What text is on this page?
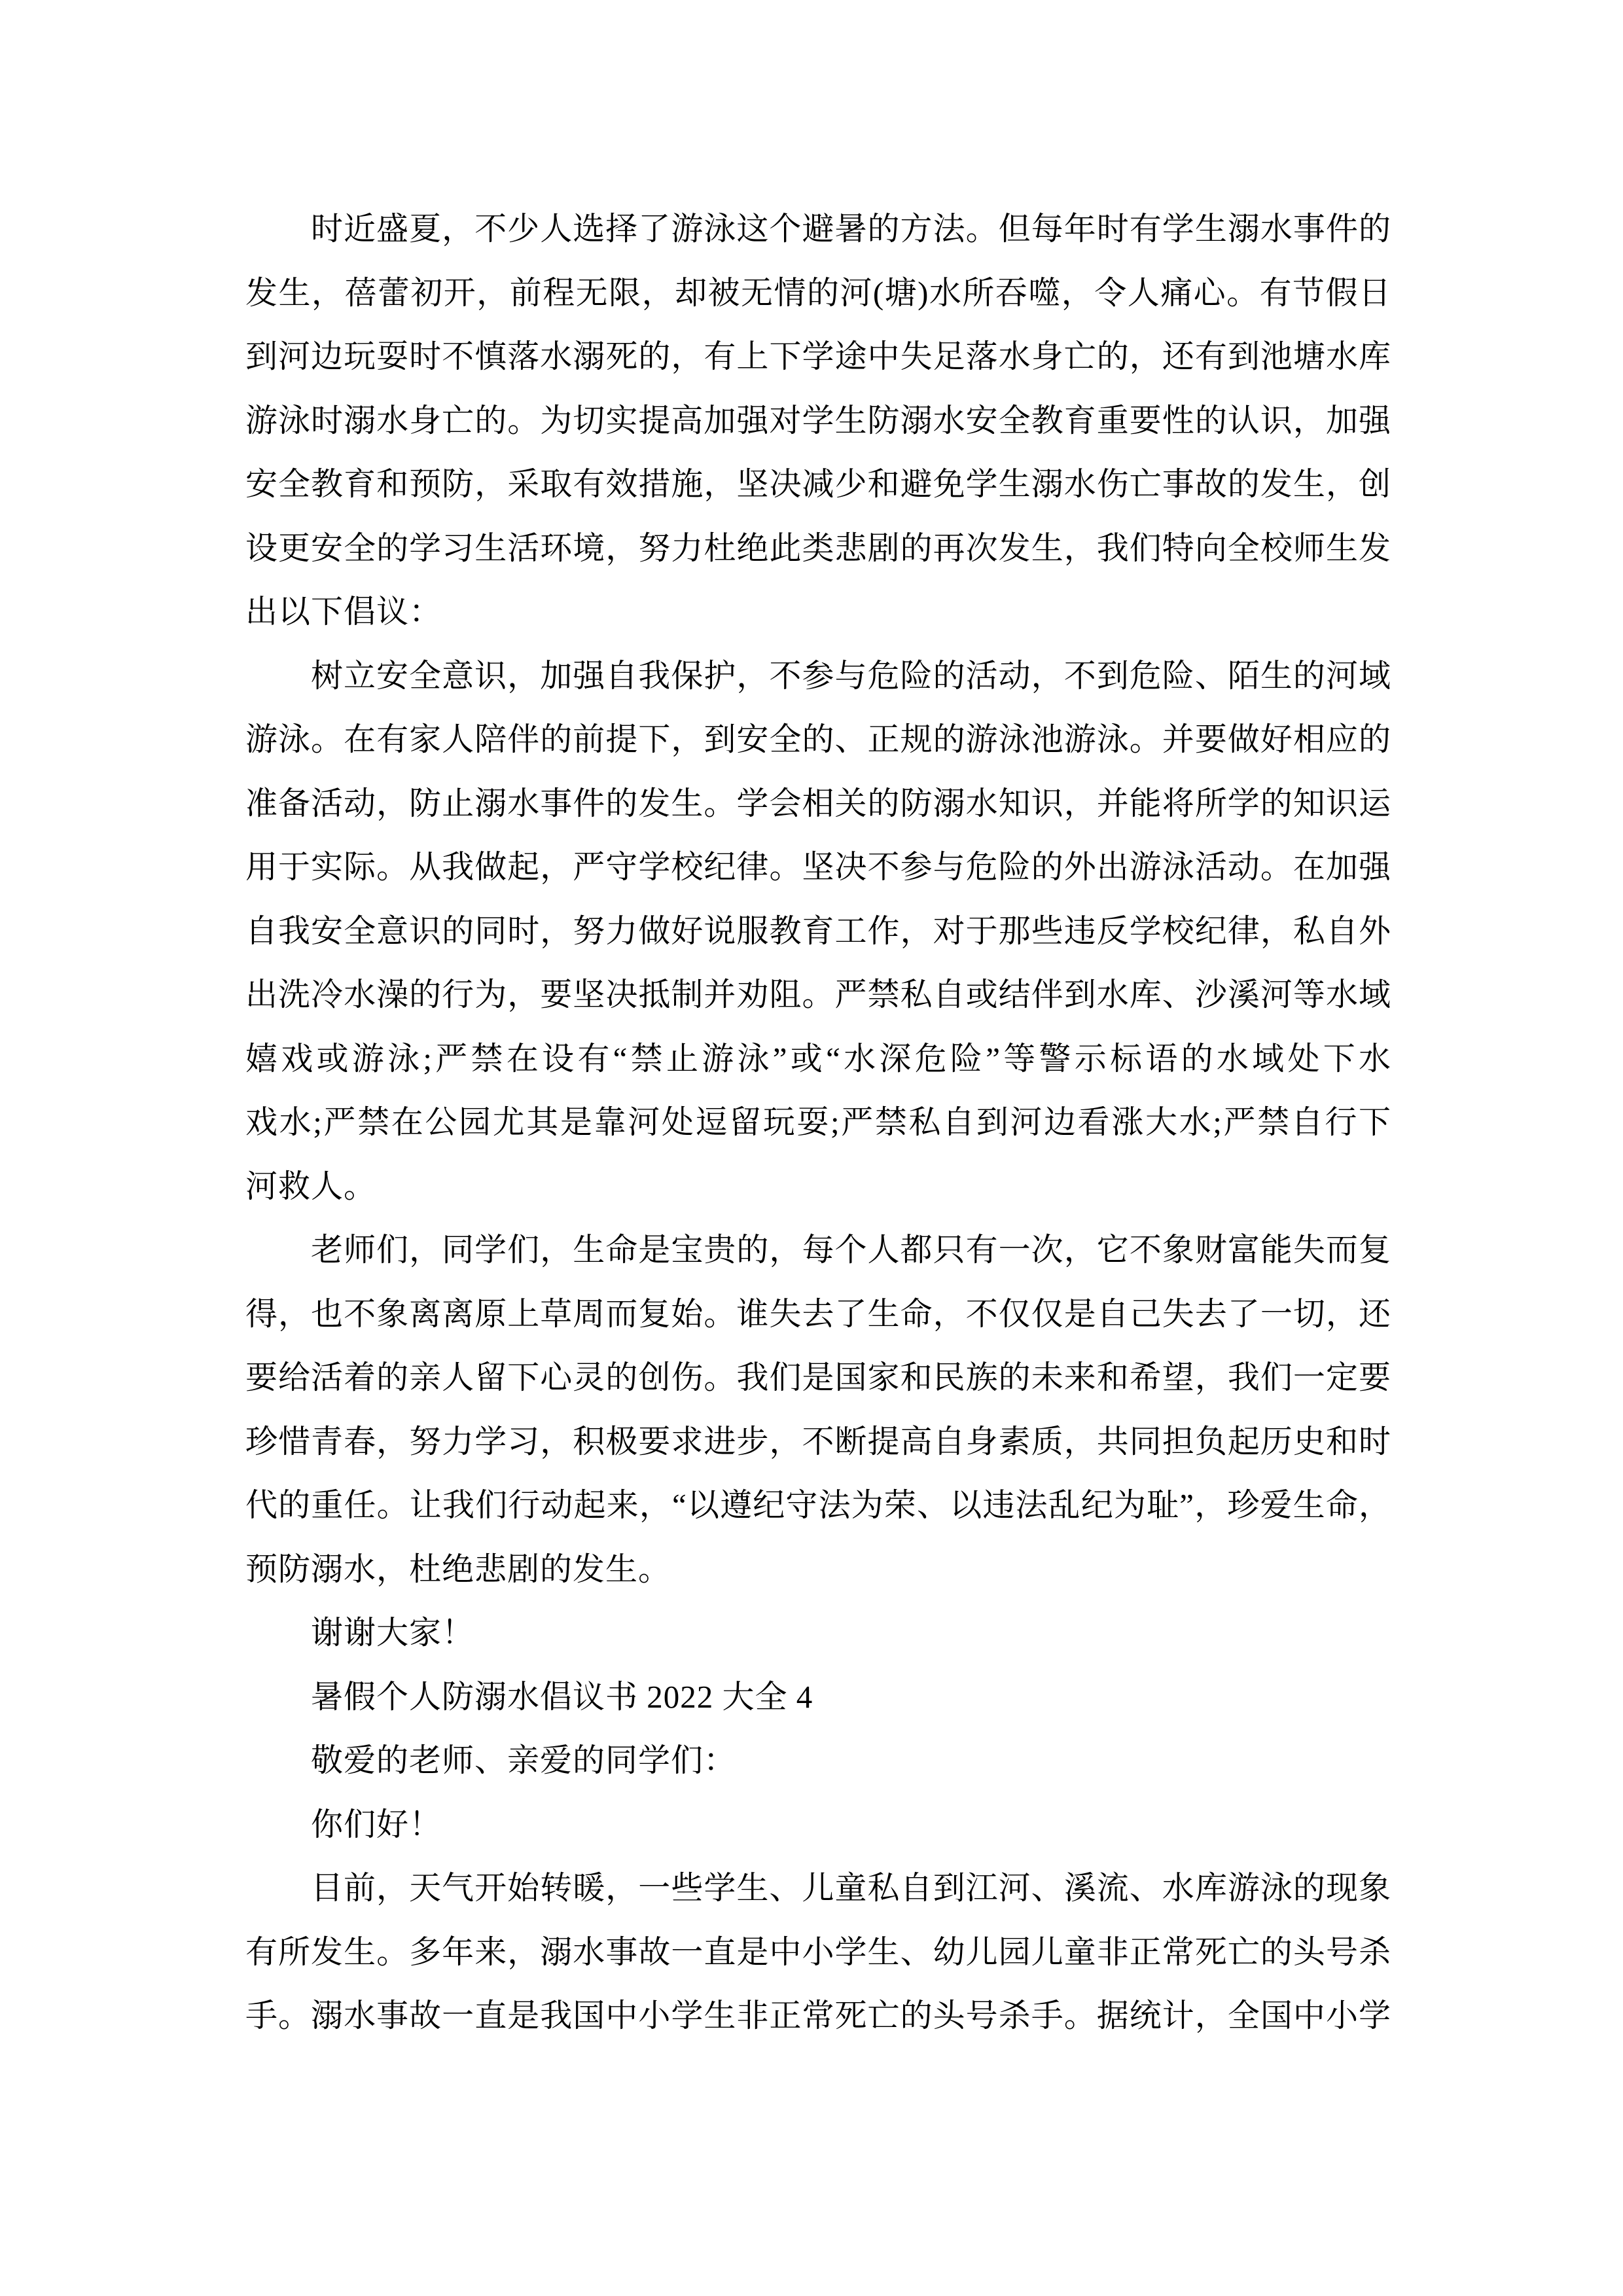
时近盛夏，不少人选择了游泳这个避暑的方法。但每年时有学生溺水事件的
发生，蓓蕾初开，前程无限，却被无情的河(塘)水所吞噬，令人痛心。有节假日
到河边玩耍时不慎落水溺死的，有上下学途中失足落水身亡的，还有到池塘水库
游泳时溺水身亡的。为切实提高加强对学生防溺水安全教育重要性的认识，加强
安全教育和预防，采取有效措施，坚决减少和避免学生溺水伤亡事故的发生，创
设更安全的学习生活环境，努力杜绝此类悲剧的再次发生，我们特向全校师生发
出以下倡议：
树立安全意识，加强自我保护，不参与危险的活动，不到危险、陌生的河域
游泳。在有家人陪伴的前提下，到安全的、正规的游泳池游泳。并要做好相应的
准备活动，防止溺水事件的发生。学会相关的防溺水知识，并能将所学的知识运
用于实际。从我做起，严守学校纪律。坚决不参与危险的外出游泳活动。在加强
自我安全意识的同时，努力做好说服教育工作，对于那些违反学校纪律，私自外
出洗冷水澡的行为，要坚决抵制并劝阻。严禁私自或结伴到水库、沙溪河等水域
嬉戏或游泳;严禁在设有“禁止游泳”或“水深危险”等警示标语的水域处下水
戏水;严禁在公园尤其是靠河处逗留玩耍;严禁私自到河边看涨大水;严禁自行下
河救人。
老师们，同学们，生命是宝贵的，每个人都只有一次，它不象财富能失而复
得，也不象离离原上草周而复始。谁失去了生命，不仅仅是自己失去了一切，还
要给活着的亲人留下心灵的创伤。我们是国家和民族的未来和希望，我们一定要
珍惜青春，努力学习，积极要求进步，不断提高自身素质，共同担负起历史和时
代的重任。让我们行动起来，“以遵纪守法为荣、以违法乱纪为耻”，珍爱生命，
预防溺水，杜绝悲剧的发生。
谢谢大家！
暑假个人防溺水倡议书 2022 大全 4
敬爱的老师、亲爱的同学们：
你们好！
目前，天气开始转暖，一些学生、儿童私自到江河、溪流、水库游泳的现象
有所发生。多年来，溺水事故一直是中小学生、幼儿园儿童非正常死亡的头号杀
手。溺水事故一直是我国中小学生非正常死亡的头号杀手。据统计，全国中小学
